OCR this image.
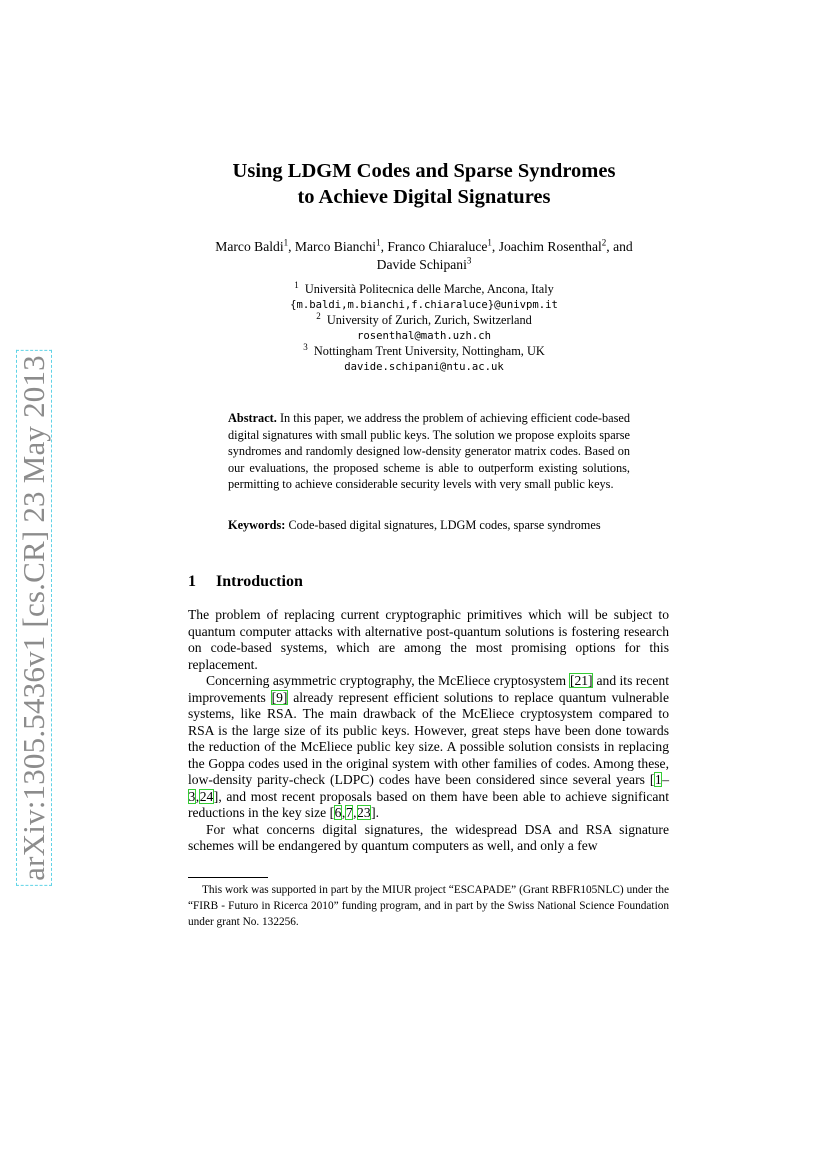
arXiv:1305.5436v1 [cs.CR] 23 May 2013
Using LDGM Codes and Sparse Syndromes
to Achieve Digital Signatures
Marco Baldi$^1$, Marco Bianchi$^1$, Franco Chiaraluce$^1$, Joachim Rosenthal$^2$, and
Davide Schipani$^3$
$^1$ Università Politecnica delle Marche, Ancona, Italy
{m.baldi,m.bianchi,f.chiaraluce}@univpm.it
$^2$ University of Zurich, Zurich, Switzerland
rosenthal@math.uzh.ch
$^3$ Nottingham Trent University, Nottingham, UK
davide.schipani@ntu.ac.uk
Abstract. In this paper, we address the problem of achieving efficient code-based digital signatures with small public keys. The solution we propose exploits sparse syndromes and randomly designed low-density generator matrix codes. Based on our evaluations, the proposed scheme is able to outperform existing solutions, permitting to achieve considerable security levels with very small public keys.
Keywords: Code-based digital signatures, LDGM codes, sparse syndromes
1 Introduction

The problem of replacing current cryptographic primitives which will be subject to quantum computer attacks with alternative post-quantum solutions is fostering research on code-based systems, which are among the most promising options for this replacement.

Concerning asymmetric cryptography, the McEliece cryptosystem [21] and its recent improvements [9] already represent efficient solutions to replace quantum vulnerable systems, like RSA. The main drawback of the McEliece cryptosystem compared to RSA is the large size of its public keys. However, great steps have been done towards the reduction of the McEliece public key size. A possible solution consists in replacing the Goppa codes used in the original system with other families of codes. Among these, low-density parity-check (LDPC) codes have been considered since several years [1–3,24], and most recent proposals based on them have been able to achieve significant reductions in the key size [6,7,23].

For what concerns digital signatures, the widespread DSA and RSA signature schemes will be endangered by quantum computers as well, and only a few

This work was supported in part by the MIUR project “ESCAPADE” (Grant RBFR105NLC) under the “FIRB - Futuro in Ricerca 2010” funding program, and in part by the Swiss National Science Foundation under grant No. 132256.
